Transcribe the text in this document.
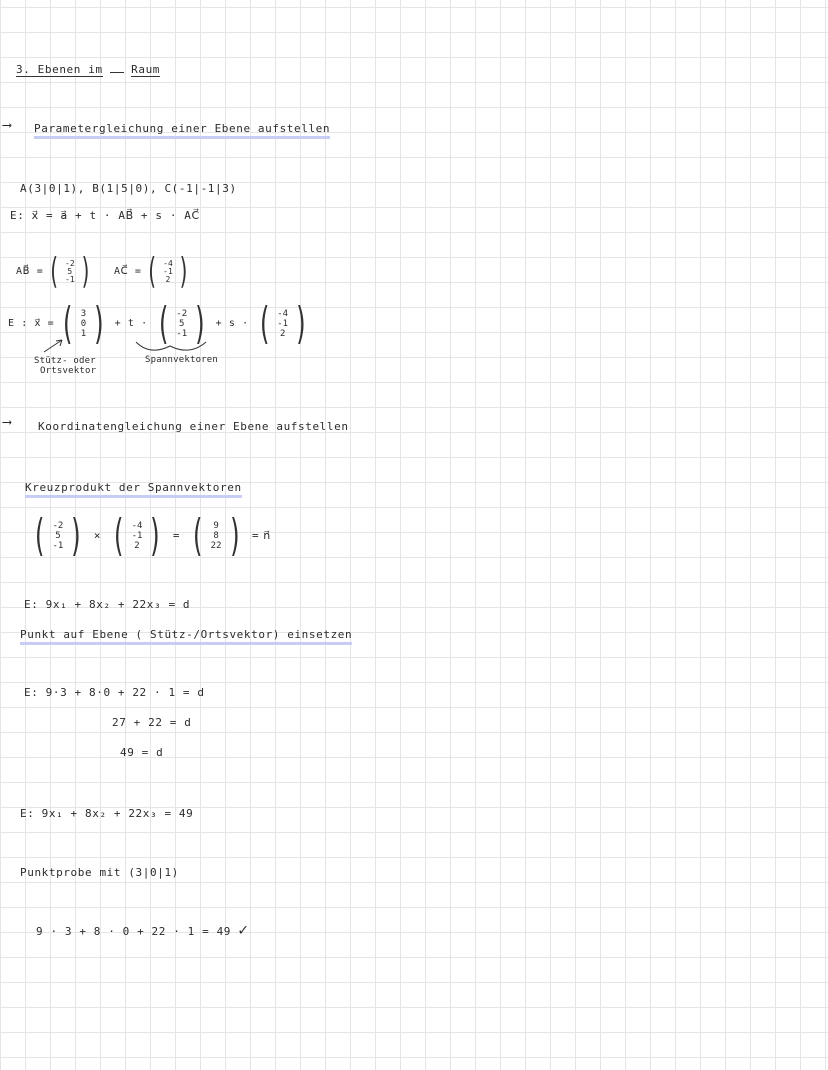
3. Ebenen im	Raum
⟶ Parametergleichung einer Ebene aufstellen
A(3|0|1), B(1|5|0), C(-1|-1|3)
E: x⃗ = a⃗ + t · AB⃗ + s · AC⃗
AB⃗ = ( -2
5
-1 ) AC⃗ = ( -4
-1
2 )
E : x⃗ = ( 3
0
1 ) + t · ( -2
5
-1 ) + s · ( -4
-1
2 )
Stütz- oder
Ortsvektor
Spannvektoren
⟶ Koordinatengleichung einer Ebene aufstellen
Kreuzprodukt der Spannvektoren
( -2
5
-1 ) × ( -4
-1
2 ) = ( 9
8
22 ) = n⃗
E: 9x₁ + 8x₂ + 22x₃ = d
Punkt auf Ebene ( Stütz-/Ortsvektor) einsetzen
E: 9·3 + 8·0 + 22 · 1 = d
27 + 22 = d
49 = d
E: 9x₁ + 8x₂ + 22x₃ = 49
Punktprobe mit (3|0|1)
9 · 3 + 8 · 0 + 22 · 1 = 49 ✓
